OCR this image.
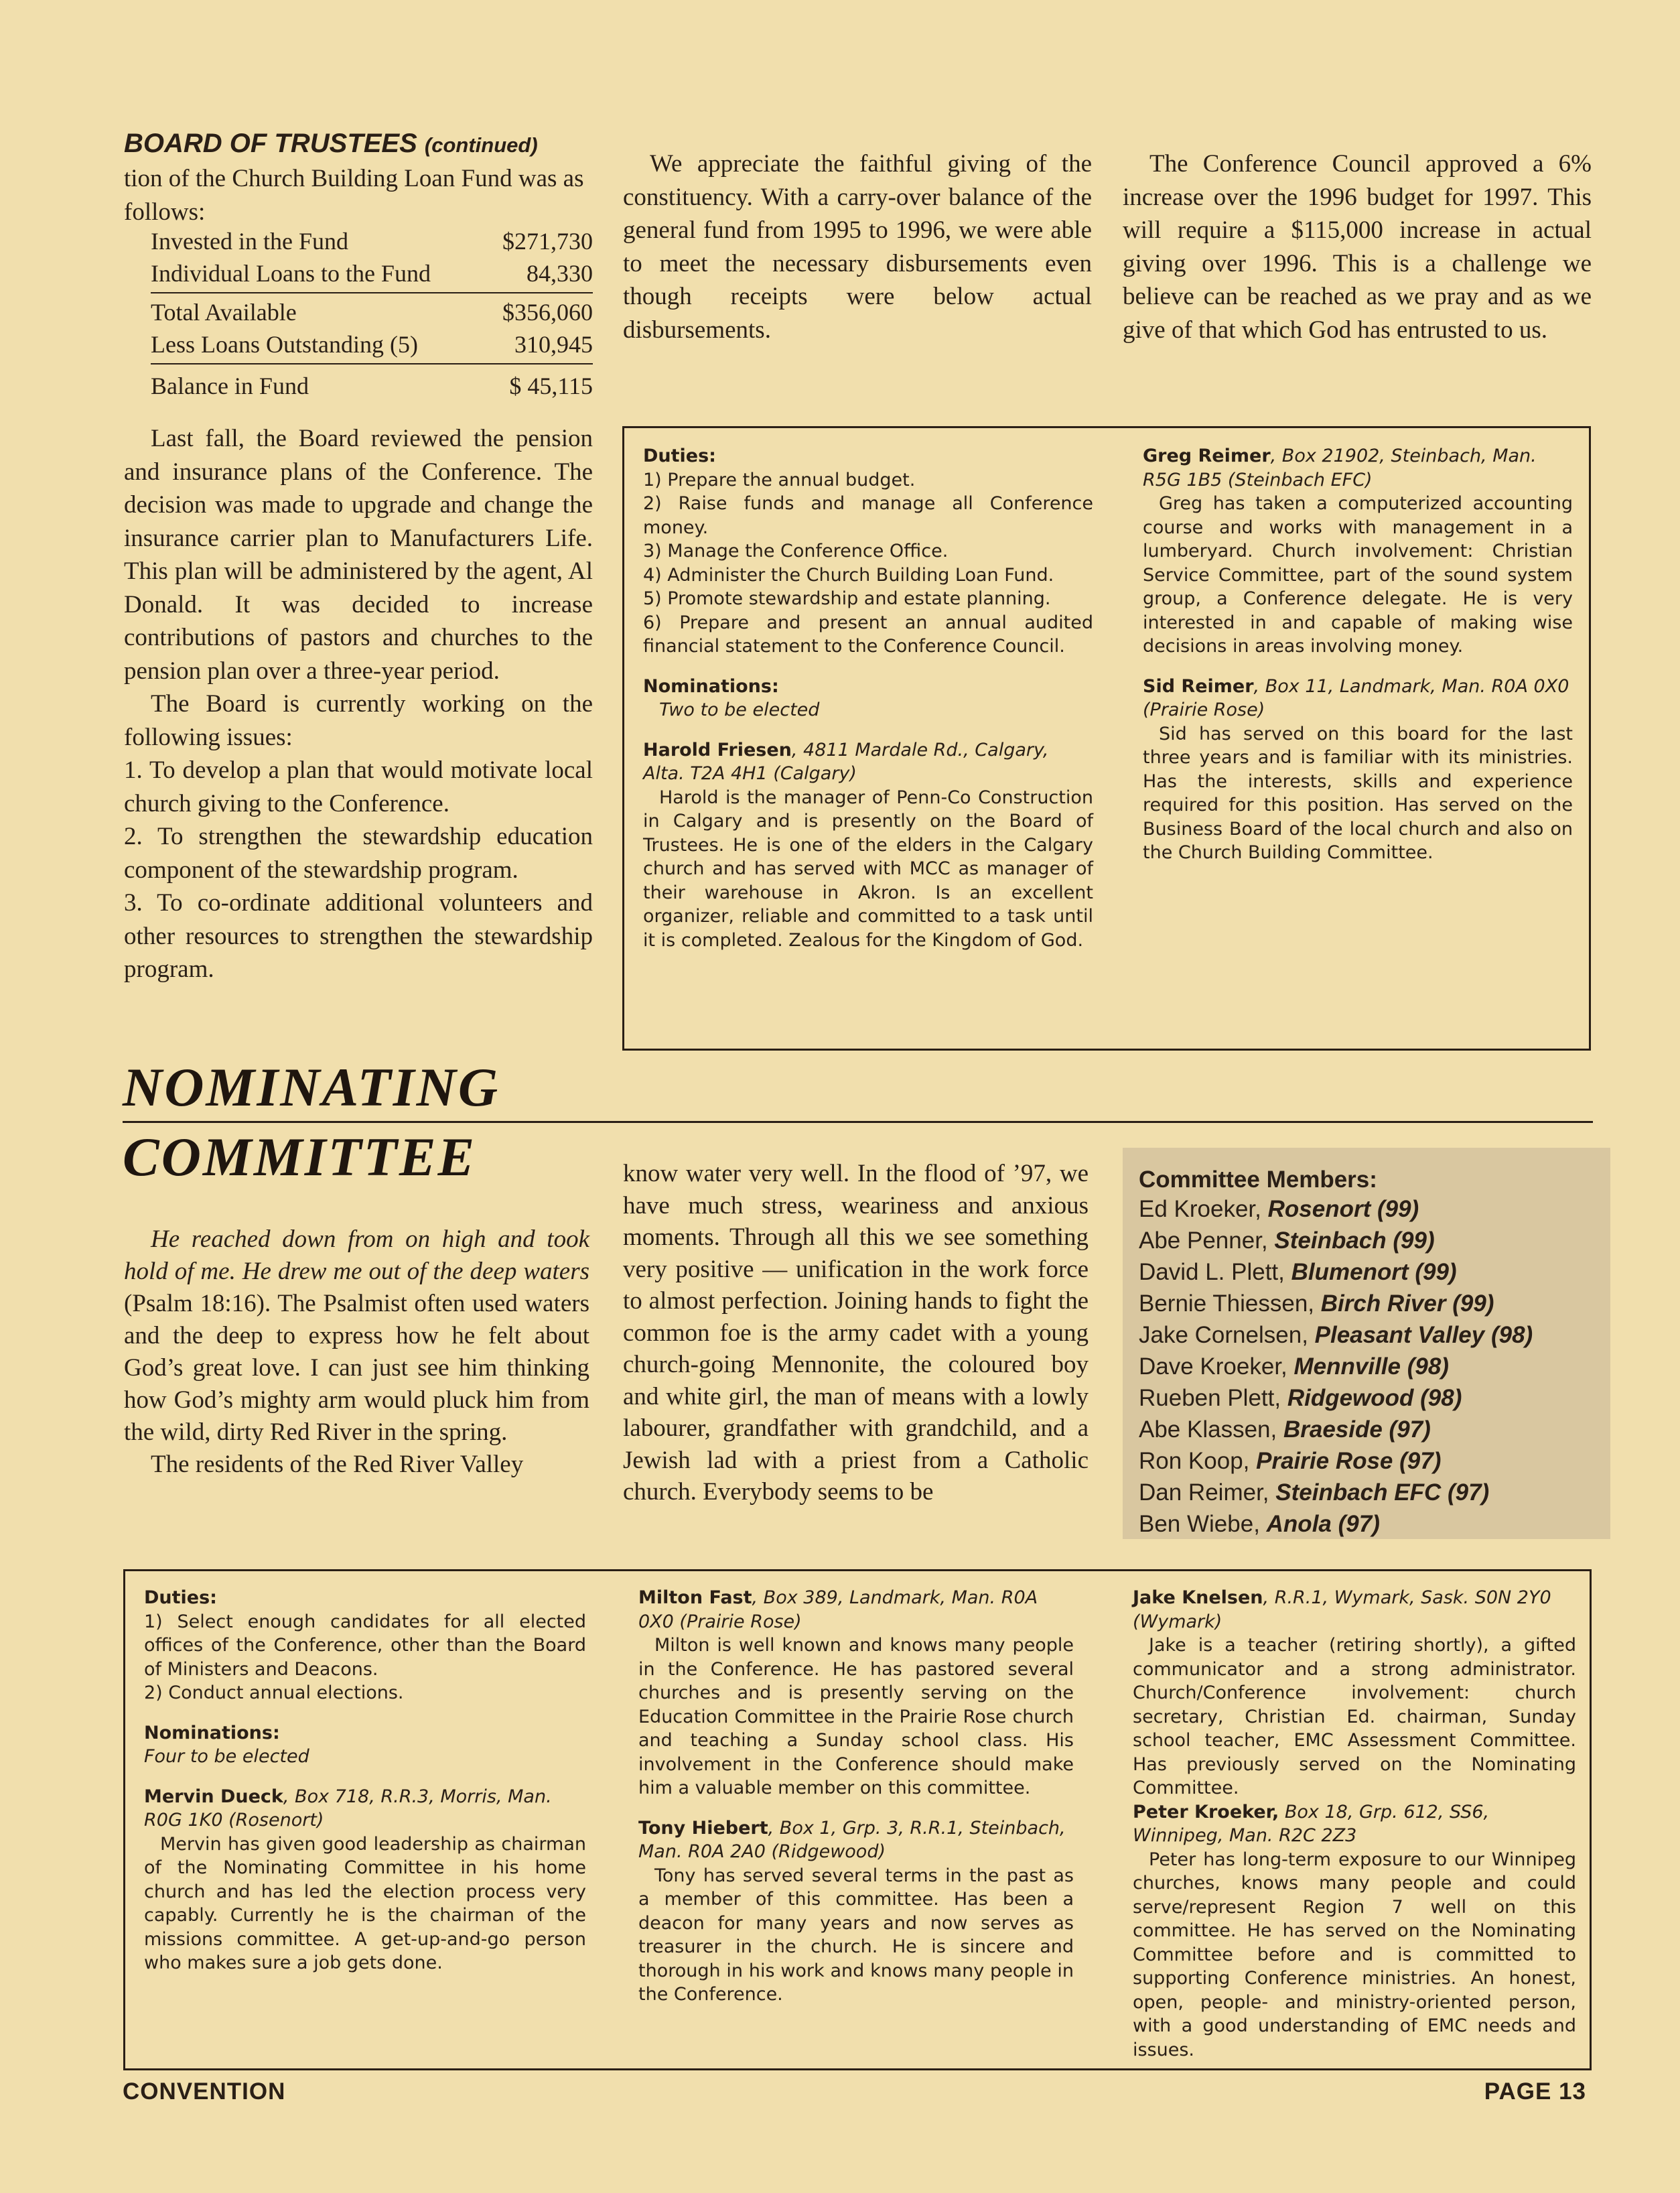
BOARD OF TRUSTEES (continued)

tion of the Church Building Loan Fund was as follows:

Invested in the Fund	$271,730
Individual Loans to the Fund	84,330
Total Available	$356,060
Less Loans Outstanding (5)	310,945
Balance in Fund	$ 45,115

Last fall, the Board reviewed the pension and insurance plans of the Conference. The decision was made to upgrade and change the insurance carrier plan to Manufacturers Life. This plan will be administered by the agent, Al Donald. It was decided to increase contributions of pastors and churches to the pension plan over a three-year period.

The Board is currently working on the following issues:

1. To develop a plan that would motivate local church giving to the Conference.

2. To strengthen the stewardship education component of the stewardship program.

3. To co-ordinate additional volunteers and other resources to strengthen the stewardship program.

We appreciate the faithful giving of the constituency. With a carry-over balance of the general fund from 1995 to 1996, we were able to meet the necessary disbursements even though receipts were below actual disbursements.

The Conference Council approved a 6% increase over the 1996 budget for 1997. This will require a $115,000 increase in actual giving over 1996. This is a challenge we believe can be reached as we pray and as we give of that which God has entrusted to us.

Duties:

1) Prepare the annual budget.

2) Raise funds and manage all Conference money.

3) Manage the Conference Office.

4) Administer the Church Building Loan Fund.

5) Promote stewardship and estate planning.

6) Prepare and present an annual audited financial statement to the Conference Council.

Nominations:

Two to be elected

Harold Friesen, 4811 Mardale Rd., Calgary, Alta. T2A 4H1 (Calgary)

Harold is the manager of Penn-Co Construction in Calgary and is presently on the Board of Trustees. He is one of the elders in the Calgary church and has served with MCC as manager of their warehouse in Akron. Is an excellent organizer, reliable and committed to a task until it is completed. Zealous for the Kingdom of God.

Greg Reimer, Box 21902, Steinbach, Man. R5G 1B5 (Steinbach EFC)

Greg has taken a computerized accounting course and works with management in a lumberyard. Church involvement: Christian Service Committee, part of the sound system group, a Conference delegate. He is very interested in and capable of making wise decisions in areas involving money.

Sid Reimer, Box 11, Landmark, Man. R0A 0X0 (Prairie Rose)

Sid has served on this board for the last three years and is familiar with its ministries. Has the interests, skills and experience required for this position. Has served on the Business Board of the local church and also on the Church Building Committee.

NOMINATING
COMMITTEE

He reached down from on high and took hold of me. He drew me out of the deep waters (Psalm 18:16). The Psalmist often used waters and the deep to express how he felt about God’s great love. I can just see him thinking how God’s mighty arm would pluck him from the wild, dirty Red River in the spring.

The residents of the Red River Valley

know water very well. In the flood of ’97, we have much stress, weariness and anxious moments. Through all this we see something very positive — unification in the work force to almost perfection. Joining hands to fight the common foe is the army cadet with a young church-going Mennonite, the coloured boy and white girl, the man of means with a lowly labourer, grandfather with grandchild, and a Jewish lad with a priest from a Catholic church. Everybody seems to be

Committee Members:

Ed Kroeker, Rosenort (99)

Abe Penner, Steinbach (99)

David L. Plett, Blumenort (99)

Bernie Thiessen, Birch River (99)

Jake Cornelsen, Pleasant Valley (98)

Dave Kroeker, Mennville (98)

Rueben Plett, Ridgewood (98)

Abe Klassen, Braeside (97)

Ron Koop, Prairie Rose (97)

Dan Reimer, Steinbach EFC (97)

Ben Wiebe, Anola (97)

Duties:

1) Select enough candidates for all elected offices of the Conference, other than the Board of Ministers and Deacons.

2) Conduct annual elections.

Nominations:

Four to be elected

Mervin Dueck, Box 718, R.R.3, Morris, Man. R0G 1K0 (Rosenort)

Mervin has given good leadership as chairman of the Nominating Committee in his home church and has led the election process very capably. Currently he is the chairman of the missions committee. A get-up-and-go person who makes sure a job gets done.

Milton Fast, Box 389, Landmark, Man. R0A 0X0 (Prairie Rose)

Milton is well known and knows many people in the Conference. He has pastored several churches and is presently serving on the Education Committee in the Prairie Rose church and teaching a Sunday school class. His involvement in the Conference should make him a valuable member on this committee.

Tony Hiebert, Box 1, Grp. 3, R.R.1, Steinbach, Man. R0A 2A0 (Ridgewood)

Tony has served several terms in the past as a member of this committee. Has been a deacon for many years and now serves as treasurer in the church. He is sincere and thorough in his work and knows many people in the Conference.

Jake Knelsen, R.R.1, Wymark, Sask. S0N 2Y0 (Wymark)

Jake is a teacher (retiring shortly), a gifted communicator and a strong administrator. Church/Conference involvement: church secretary, Christian Ed. chairman, Sunday school teacher, EMC Assessment Committee. Has previously served on the Nominating Committee.

Peter Kroeker, Box 18, Grp. 612, SS6, Winnipeg, Man. R2C 2Z3

Peter has long-term exposure to our Winnipeg churches, knows many people and could serve/represent Region 7 well on this committee. He has served on the Nominating Committee before and is committed to supporting Conference ministries. An honest, open, people- and ministry-oriented person, with a good understanding of EMC needs and issues.

CONVENTION	PAGE 13
